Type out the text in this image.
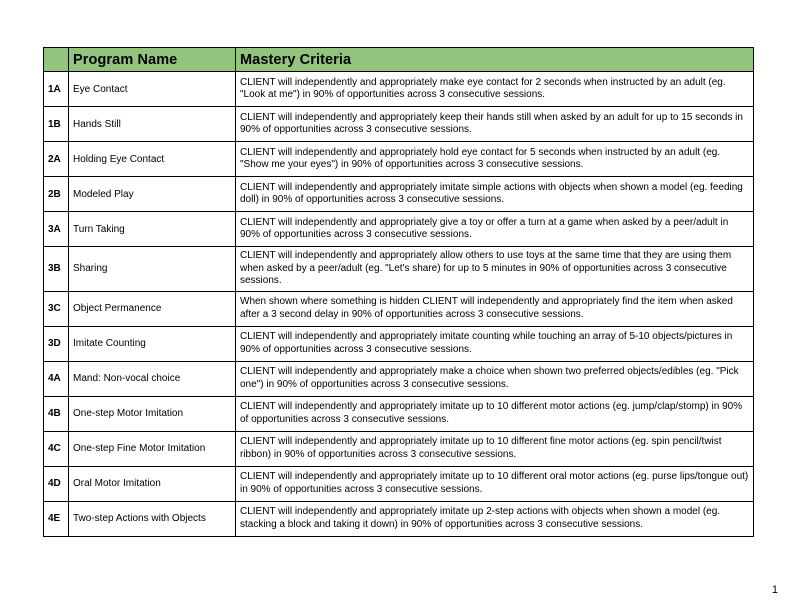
	Program Name	Mastery Criteria
1A	Eye Contact	CLIENT will independently and appropriately make eye contact for 2 seconds when instructed by an adult (eg. "Look at me") in 90% of opportunities across 3 consecutive sessions.
1B	Hands Still	CLIENT will independently and appropriately keep their hands still when asked by an adult for up to 15 seconds in 90% of opportunities across 3 consecutive sessions.
2A	Holding Eye Contact	CLIENT will independently and appropriately hold eye contact for 5 seconds when instructed by an adult (eg. "Show me your eyes") in 90% of opportunities across 3 consecutive sessions.
2B	Modeled Play	CLIENT will independently and appropriately imitate simple actions with objects when shown a model (eg. feeding doll) in 90% of opportunities across 3 consecutive sessions.
3A	Turn Taking	CLIENT will independently and appropriately give a toy or offer a turn at a game when asked by a peer/adult in 90% of opportunities across 3 consecutive sessions.
3B	Sharing	CLIENT will independently and appropriately allow others to use toys at the same time that they are using them when asked by a peer/adult (eg. "Let's share) for up to 5 minutes in 90% of opportunities across 3 consecutive sessions.
3C	Object Permanence	When shown where something is hidden CLIENT will independently and appropriately find the item when asked after a 3 second delay in 90% of opportunities across 3 consecutive sessions.
3D	Imitate Counting	CLIENT will independently and appropriately imitate counting while touching an array of 5-10 objects/pictures in 90% of opportunities across 3 consecutive sessions.
4A	Mand: Non-vocal choice	CLIENT will independently and appropriately make a choice when shown two preferred objects/edibles (eg. "Pick one") in 90% of opportunities across 3 consecutive sessions.
4B	One-step Motor Imitation	CLIENT will independently and appropriately imitate up to 10 different motor actions (eg. jump/clap/stomp) in 90% of opportunities across 3 consecutive sessions.
4C	One-step Fine Motor Imitation	CLIENT will independently and appropriately imitate up to 10 different fine motor actions (eg. spin pencil/twist ribbon) in 90% of opportunities across 3 consecutive sessions.
4D	Oral Motor Imitation	CLIENT will independently and appropriately imitate up to 10 different oral motor actions (eg. purse lips/tongue out) in 90% of opportunities across 3 consecutive sessions.
4E	Two-step Actions with Objects	CLIENT will independently and appropriately imitate up 2-step actions with objects when shown a model (eg. stacking a block and taking it down) in 90% of opportunities across 3 consecutive sessions.
1
